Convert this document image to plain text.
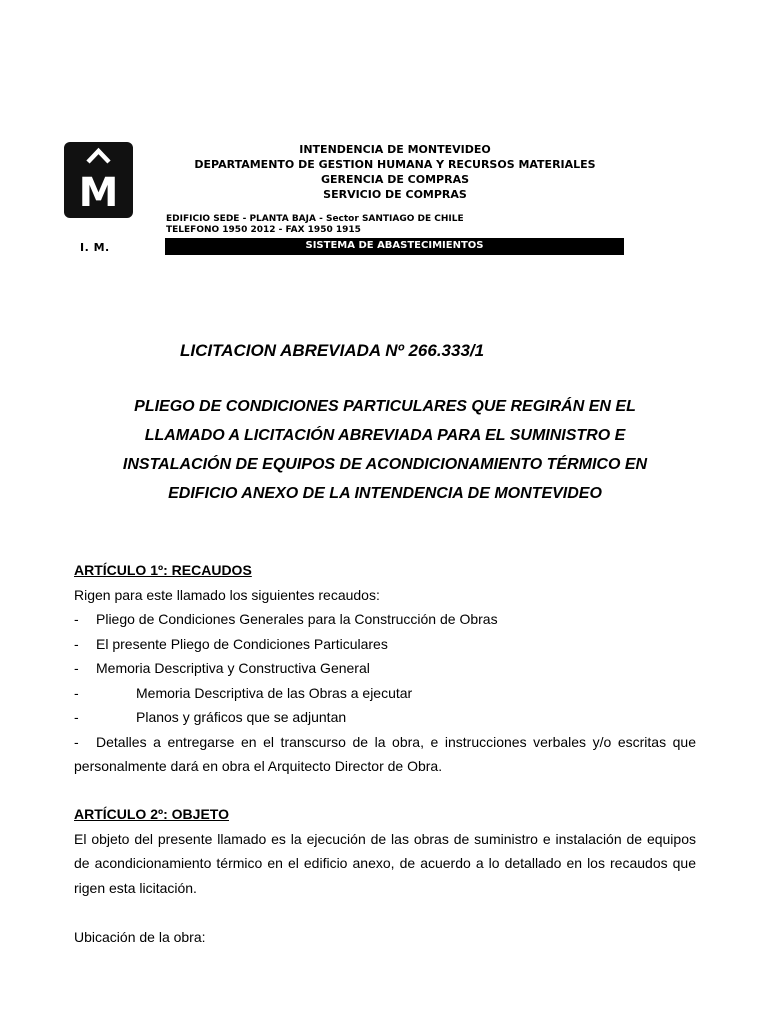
M
I. M.
INTENDENCIA DE MONTEVIDEO
DEPARTAMENTO DE GESTION HUMANA Y RECURSOS MATERIALES
GERENCIA DE COMPRAS
SERVICIO DE COMPRAS
EDIFICIO SEDE - PLANTA BAJA - Sector SANTIAGO DE CHILE
TELEFONO 1950 2012 - FAX 1950 1915
SISTEMA DE ABASTECIMIENTOS
LICITACION ABREVIADA Nº 266.333/1
PLIEGO DE CONDICIONES PARTICULARES QUE REGIRÁN EN EL
LLAMADO A LICITACIÓN ABREVIADA PARA EL SUMINISTRO E
INSTALACIÓN DE EQUIPOS DE ACONDICIONAMIENTO TÉRMICO EN
EDIFICIO ANEXO DE LA INTENDENCIA DE MONTEVIDEO
ARTÍCULO 1º: RECAUDOS
Rigen para este llamado los siguientes recaudos:
- Pliego de Condiciones Generales para la Construcción de Obras
- El presente Pliego de Condiciones Particulares
- Memoria Descriptiva y Constructiva General
-	Memoria Descriptiva de las Obras a ejecutar
-	Planos y gráficos que se adjuntan
- Detalles a entregarse en el transcurso de la obra, e instrucciones verbales y/o escritas que personalmente dará en obra el Arquitecto Director de Obra.
ARTÍCULO 2º: OBJETO
El objeto del presente llamado es la ejecución de las obras de suministro e instalación de equipos de acondicionamiento térmico en el edificio anexo, de acuerdo a lo detallado en los recaudos que rigen esta licitación.
Ubicación de la obra:
